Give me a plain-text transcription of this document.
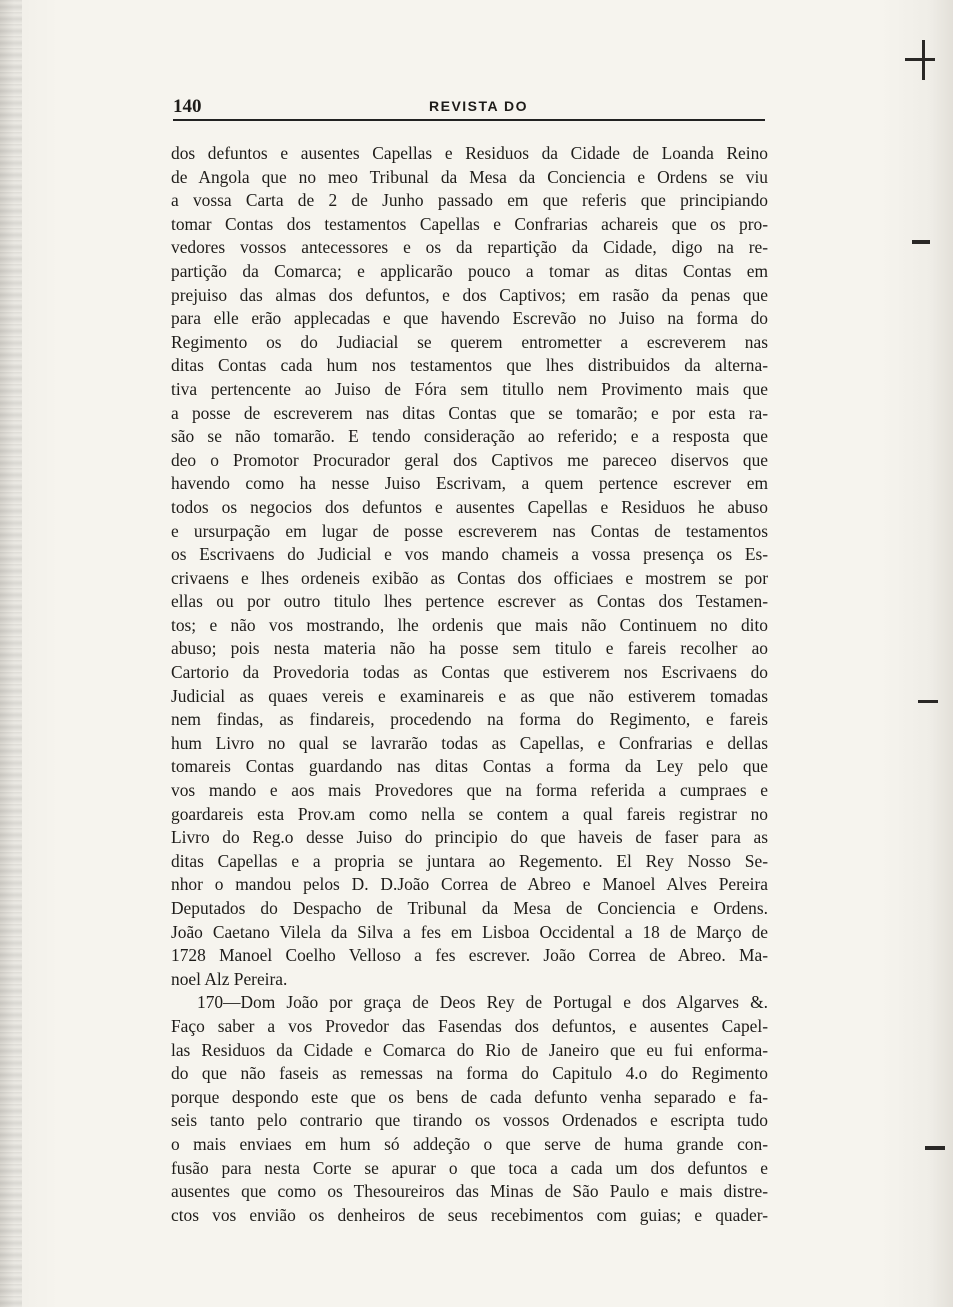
140	REVISTA DO
dos defuntos e ausentes Capellas e Residuos da Cidade de Loanda Reino
de Angola que no meo Tribunal da Mesa da Conciencia e Ordens se viu
a vossa Carta de 2 de Junho passado em que referis que principiando
tomar Contas dos testamentos Capellas e Confrarias achareis que os pro-
vedores vossos antecessores e os da repartição da Cidade, digo na re-
partição da Comarca; e applicarão pouco a tomar as ditas Contas em
prejuiso das almas dos defuntos, e dos Captivos; em rasão da penas que
para elle erão applecadas e que havendo Escrevão no Juiso na forma do
Regimento os do Judiacial se querem entrometter a escreverem nas
ditas Contas cada hum nos testamentos que lhes distribuidos da alterna-
tiva pertencente ao Juiso de Fóra sem titullo nem Provimento mais que
a posse de escreverem nas ditas Contas que se tomarão; e por esta ra-
são se não tomarão. E tendo consideração ao referido; e a resposta que
deo o Promotor Procurador geral dos Captivos me pareceo diservos que
havendo como ha nesse Juiso Escrivam, a quem pertence escrever em
todos os negocios dos defuntos e ausentes Capellas e Residuos he abuso
e ursurpação em lugar de posse escreverem nas Contas de testamentos
os Escrivaens do Judicial e vos mando chameis a vossa presença os Es-
crivaens e lhes ordeneis exibão as Contas dos officiaes e mostrem se por
ellas ou por outro titulo lhes pertence escrever as Contas dos Testamen-
tos; e não vos mostrando, lhe ordenis que mais não Continuem no dito
abuso; pois nesta materia não ha posse sem titulo e fareis recolher ao
Cartorio da Provedoria todas as Contas que estiverem nos Escrivaens do
Judicial as quaes vereis e examinareis e as que não estiverem tomadas
nem findas, as findareis, procedendo na forma do Regimento, e fareis
hum Livro no qual se lavrarão todas as Capellas, e Confrarias e dellas
tomareis Contas guardando nas ditas Contas a forma da Ley pelo que
vos mando e aos mais Provedores que na forma referida a cumpraes e
goardareis esta Prov.am como nella se contem a qual fareis registrar no
Livro do Reg.o desse Juiso do principio do que haveis de faser para as
ditas Capellas e a propria se juntara ao Regemento. El Rey Nosso Se-
nhor o mandou pelos D. D.João Correa de Abreo e Manoel Alves Pereira
Deputados do Despacho de Tribunal da Mesa de Conciencia e Ordens.
João Caetano Vilela da Silva a fes em Lisboa Occidental a 18 de Março de
1728 Manoel Coelho Velloso a fes escrever. João Correa de Abreo. Ma-
noel Alz Pereira.
170—Dom João por graça de Deos Rey de Portugal e dos Algarves &.
Faço saber a vos Provedor das Fasendas dos defuntos, e ausentes Capel-
las Residuos da Cidade e Comarca do Rio de Janeiro que eu fui enforma-
do que não faseis as remessas na forma do Capitulo 4.o do Regimento
porque despondo este que os bens de cada defunto venha separado e fa-
seis tanto pelo contrario que tirando os vossos Ordenados e escripta tudo
o mais enviaes em hum só addeção o que serve de huma grande con-
fusão para nesta Corte se apurar o que toca a cada um dos defuntos e
ausentes que como os Thesoureiros das Minas de São Paulo e mais distre-
ctos vos envião os denheiros de seus recebimentos com guias; e quader-
